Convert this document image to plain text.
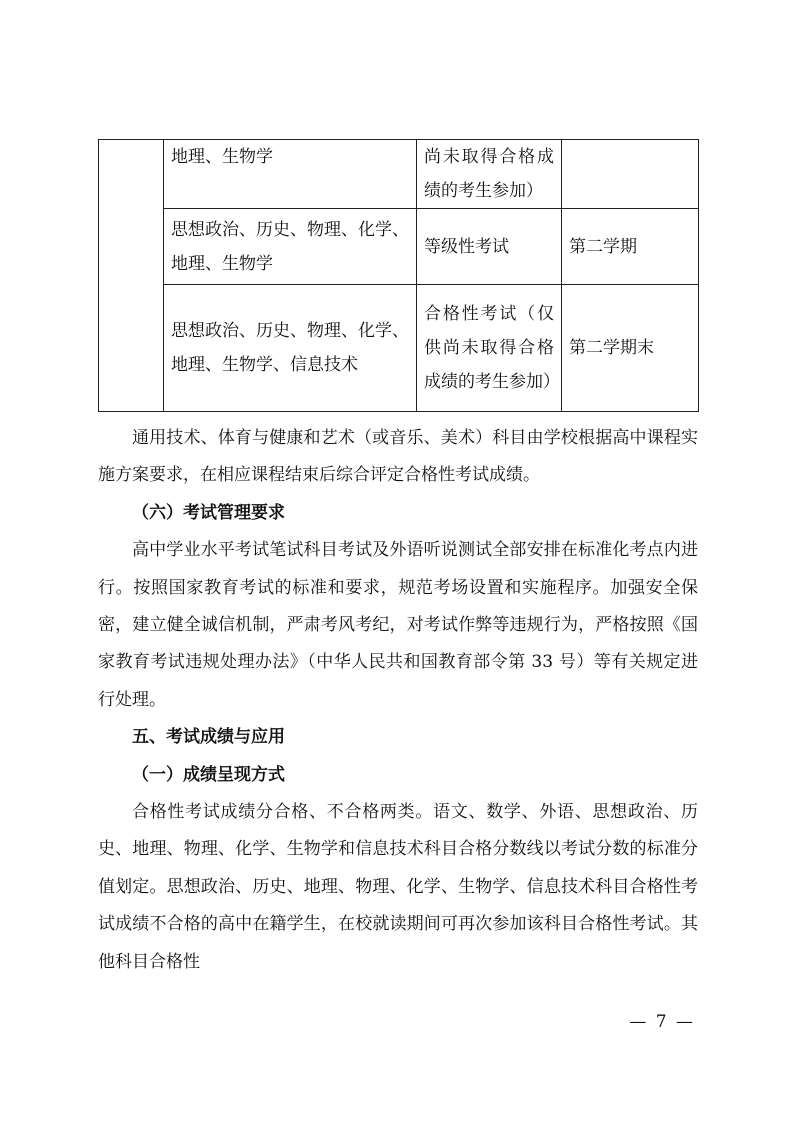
	地理、生物学	尚未取得合格成绩的考生参加）	
	思想政治、历史、物理、化学、地理、生物学	等级性考试	第二学期
	思想政治、历史、物理、化学、地理、生物学、信息技术	合格性考试（仅供尚未取得合格成绩的考生参加）	第二学期末

通用技术、体育与健康和艺术（或音乐、美术）科目由学校根据高中课程实施方案要求，在相应课程结束后综合评定合格性考试成绩。

（六）考试管理要求

高中学业水平考试笔试科目考试及外语听说测试全部安排在标准化考点内进行。按照国家教育考试的标准和要求，规范考场设置和实施程序。加强安全保密，建立健全诚信机制，严肃考风考纪，对考试作弊等违规行为，严格按照《国家教育考试违规处理办法》（中华人民共和国教育部令第 33 号）等有关规定进行处理。

五、考试成绩与应用

（一）成绩呈现方式

合格性考试成绩分合格、不合格两类。语文、数学、外语、思想政治、历史、地理、物理、化学、生物学和信息技术科目合格分数线以考试分数的标准分值划定。思想政治、历史、地理、物理、化学、生物学、信息技术科目合格性考试成绩不合格的高中在籍学生，在校就读期间可再次参加该科目合格性考试。其他科目合格性

— 7 —
